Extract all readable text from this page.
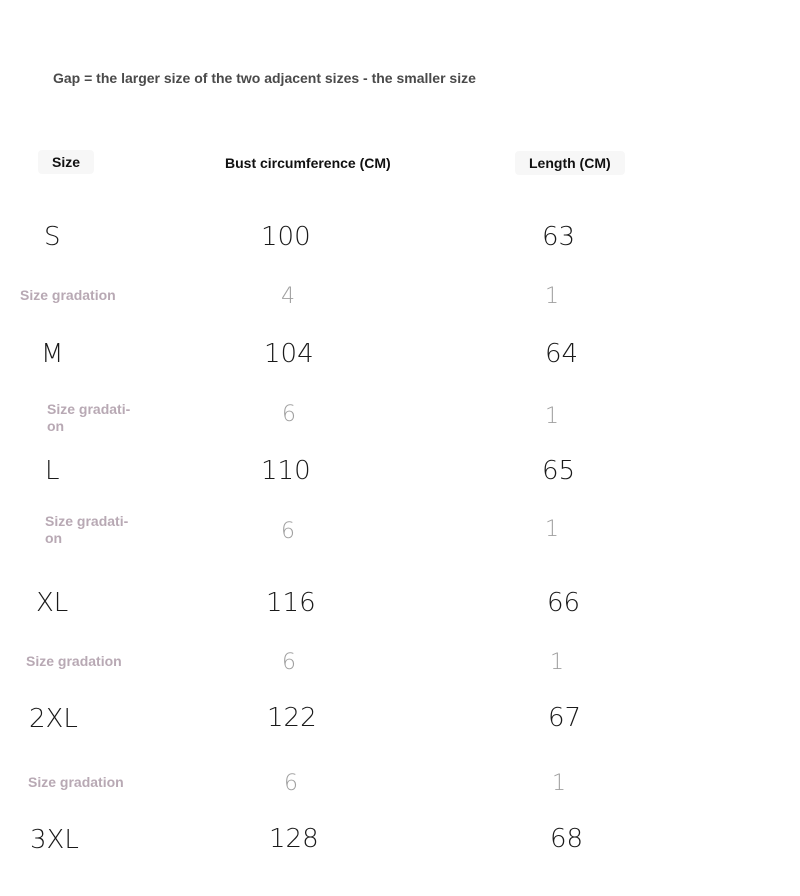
Gap = the larger size of the two adjacent sizes - the smaller size
Size	Bust circumference (CM)	Length (CM)
S	100	63
Size gradation	4	1
M	104	64
Size gradati-on	6	1
L	110	65
Size gradati-on	6	1
XL	116	66
Size gradation	6	1
2XL	122	67
Size gradation	6	1
3XL	128	68
